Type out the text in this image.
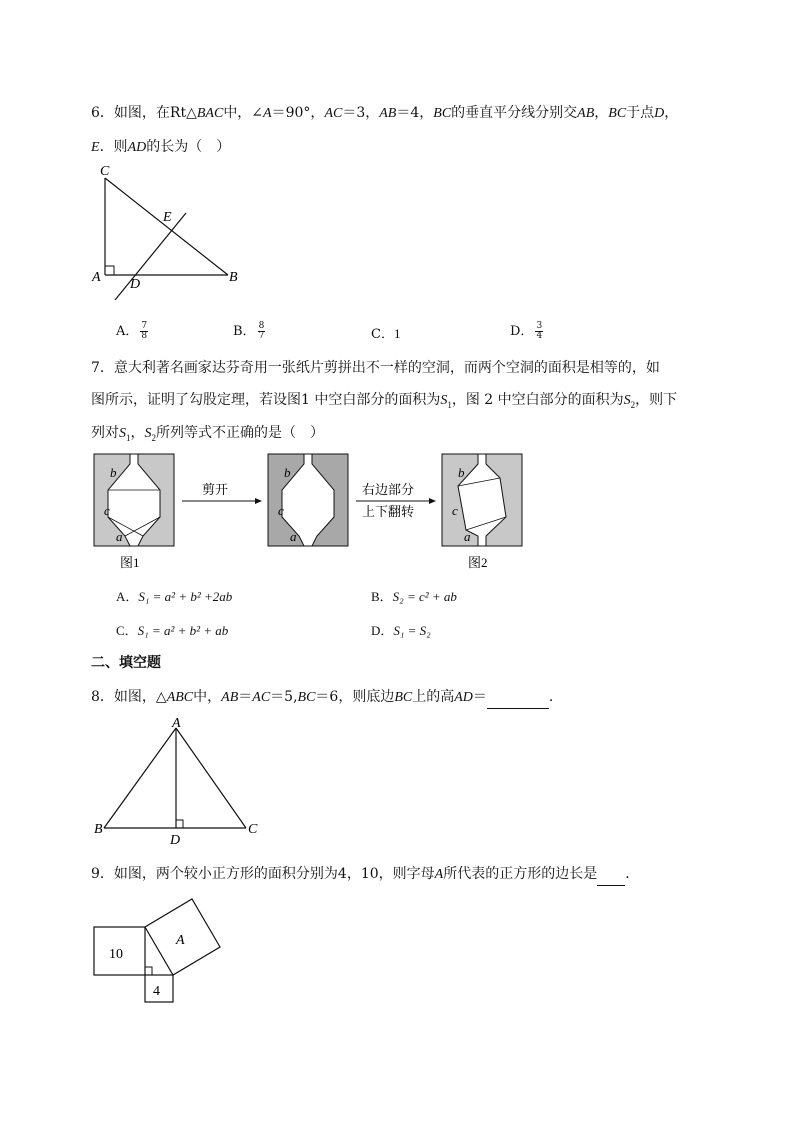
6．如图，在Rt△BAC中，∠A＝90°，AC＝3，AB＝4，BC的垂直平分线分别交AB，BC于点D，
E．则AD的长为（　）
C
E
A D	B
A． $\frac{7}{8}$	B． $\frac{8}{7}$	C．1	D． $\frac{3}{4}$
7．意大利著名画家达芬奇用一张纸片剪拼出不一样的空洞，而两个空洞的面积是相等的，如
图所示，证明了勾股定理，若设图1 中空白部分的面积为$S_1$，图 2 中空白部分的面积为$S_2$，则下
列对$S_1$，$S_2$所列等式不正确的是（　）
b
c
a
图1
剪开
b
c
a
右边部分
上下翻转
b
c
a
图2
A．S₁ = a² + b² +2ab	B．S₂ = c² + ab
C．S₁ = a² + b² + ab	D．S₁ = S₂
二、填空题
8．如图，△ABC中，AB＝AC＝5,BC＝6，则底边BC上的高AD＝	.
A
B	C
D
9．如图，两个较小正方形的面积分别为4，10，则字母A所代表的正方形的边长是 ．
10
4
A
